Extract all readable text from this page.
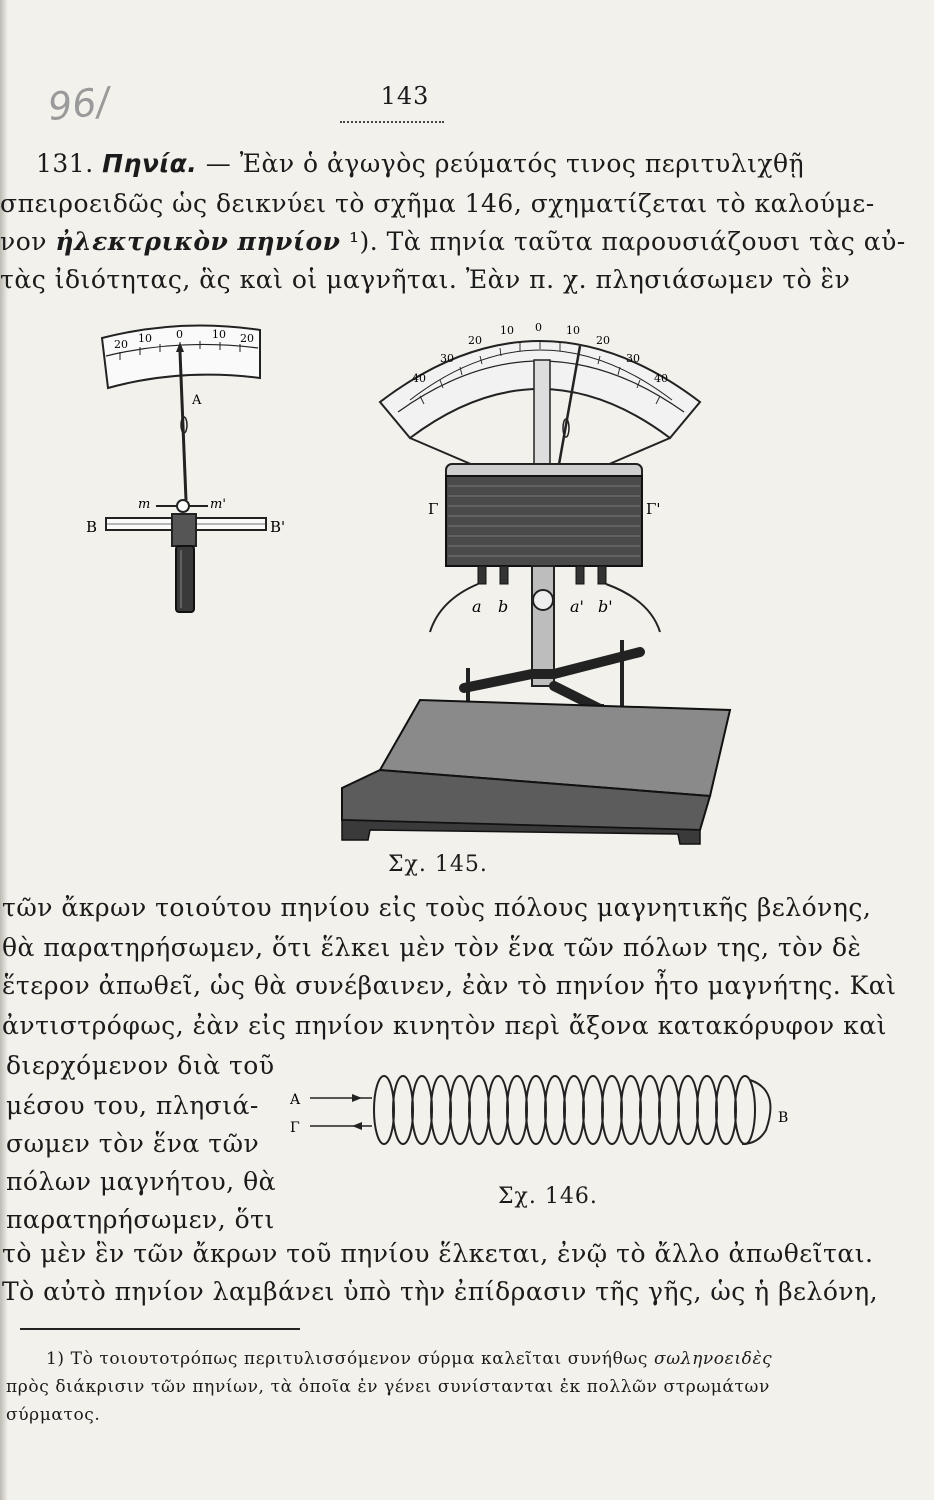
96/	143
131. Πηνία. — Ἐὰν ὁ ἀγωγὸς ρεύματός τινος περιτυλιχθῇ
σπειροειδῶς ὡς δεικνύει τὸ σχῆμα 146, σχηματίζεται τὸ καλούμε-
νον ἠλεκτρικὸν πηνίον ¹). Τὰ πηνία ταῦτα παρουσιάζουσι τὰς αὐ-
τὰς ἰδιότητας, ἃς καὶ οἱ μαγνῆται. Ἐὰν π. χ. πλησιάσωμεν τὸ ἓν
20 10 0	10 20
A
m	m'
B	B'
40
30
20
10 0 10
20
30
40
Γ	Γ'
a b	a' b'
Σχ. 145.
τῶν ἄκρων τοιούτου πηνίου εἰς τοὺς πόλους μαγνητικῆς βελόνης,
θὰ παρατηρήσωμεν, ὅτι ἕλκει μὲν τὸν ἕνα τῶν πόλων της, τὸν δὲ
ἕτερον ἀπωθεῖ, ὡς θὰ συνέβαινεν, ἐὰν τὸ πηνίον ἦτο μαγνήτης. Καὶ
ἀντιστρόφως, ἐὰν εἰς πηνίον κινητὸν περὶ ἄξονα κατακόρυφον καὶ
διερχόμενον διὰ τοῦ
μέσου του, πλησιά-
σωμεν τὸν ἕνα τῶν
πόλων μαγνήτου, θὰ
παρατηρήσωμεν, ὅτι
A
Γ
B
Σχ. 146.
τὸ μὲν ἓν τῶν ἄκρων τοῦ πηνίου ἕλκεται, ἐνῷ τὸ ἄλλο ἀπωθεῖται.
Τὸ αὐτὸ πηνίον λαμβάνει ὑπὸ τὴν ἐπίδρασιν τῆς γῆς, ὡς ἡ βελόνη,
1) Τὸ τοιουτοτρόπως περιτυλισσόμενον σύρμα καλεῖται συνήθως σωληνοειδὲς
πρὸς διάκρισιν τῶν πηνίων, τὰ ὁποῖα ἐν γένει συνίστανται ἐκ πολλῶν στρωμάτων
σύρματος.
